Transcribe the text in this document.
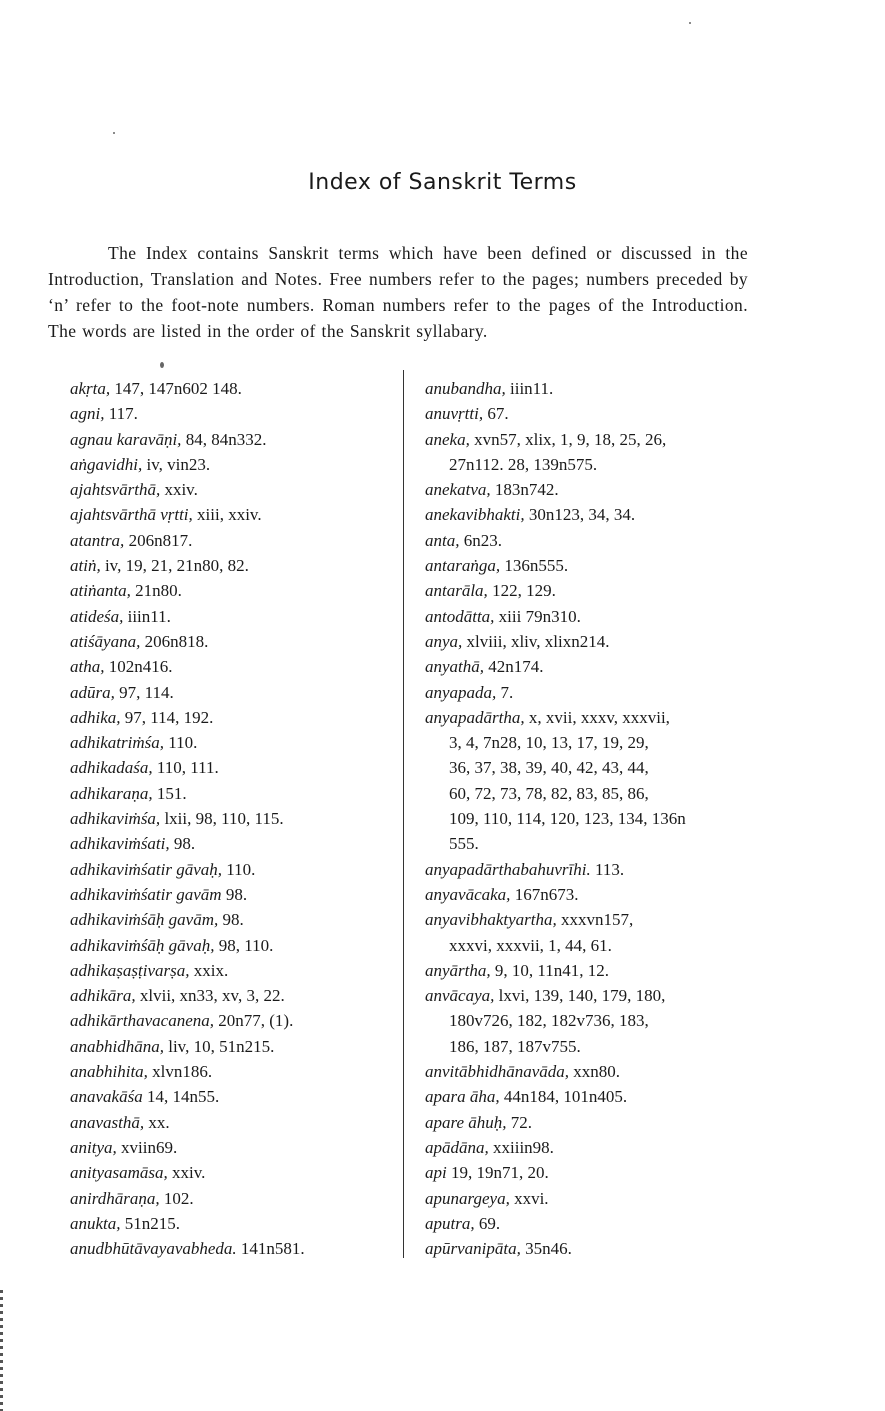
Index of Sanskrit Terms

The Index contains Sanskrit terms which have been defined or discussed in the Introduction, Translation and Notes. Free numbers refer to the pages; numbers preceded by ‘n’ refer to the foot-note numbers. Roman numbers refer to the pages of the Introduction. The words are listed in the order of the Sanskrit syllabary.

akṛta, 147, 147n602 148.
agni, 117.
agnau karavāṇi, 84, 84n332.
aṅgavidhi, iv, vin23.
ajahtsvārthā, xxiv.
ajahtsvārthā vṛtti, xiii, xxiv.
atantra, 206n817.
atiṅ, iv, 19, 21, 21n80, 82.
atiṅanta, 21n80.
atideśa, iiin11.
atiśāyana, 206n818.
atha, 102n416.
adūra, 97, 114.
adhika, 97, 114, 192.
adhikatriṁśa, 110.
adhikadaśa, 110, 111.
adhikaraṇa, 151.
adhikaviṁśa, lxii, 98, 110, 115.
adhikaviṁśati, 98.
adhikaviṁśatir gāvaḥ, 110.
adhikaviṁśatir gavām 98.
adhikaviṁśāḥ gavām, 98.
adhikaviṁśāḥ gāvaḥ, 98, 110.
adhikaṣaṣṭivarṣa, xxix.
adhikāra, xlvii, xn33, xv, 3, 22.
adhikārthavacanena, 20n77, (1).
anabhidhāna, liv, 10, 51n215.
anabhihita, xlvn186.
anavakāśa 14, 14n55.
anavasthā, xx.
anitya, xviin69.
anityasamāsa, xxiv.
anirdhāraṇa, 102.
anukta, 51n215.
anudbhūtāvayavabheda. 141n581.
anubandha, iiin11.
anuvṛtti, 67.
aneka, xvn57, xlix, 1, 9, 18, 25, 26,
27n112. 28, 139n575.
anekatva, 183n742.
anekavibhakti, 30n123, 34, 34.
anta, 6n23.
antaraṅga, 136n555.
antarāla, 122, 129.
antodātta, xiii 79n310.
anya, xlviii, xliv, xlixn214.
anyathā, 42n174.
anyapada, 7.
anyapadārtha, x, xvii, xxxv, xxxvii,
3, 4, 7n28, 10, 13, 17, 19, 29,
36, 37, 38, 39, 40, 42, 43, 44,
60, 72, 73, 78, 82, 83, 85, 86,
109, 110, 114, 120, 123, 134, 136n
555.
anyapadārthabahuvrīhi. 113.
anyavācaka, 167n673.
anyavibhaktyartha, xxxvn157,
xxxvi, xxxvii, 1, 44, 61.
anyārtha, 9, 10, 11n41, 12.
anvācaya, lxvi, 139, 140, 179, 180,
180v726, 182, 182v736, 183,
186, 187, 187v755.
anvitābhidhānavāda, xxn80.
apara āha, 44n184, 101n405.
apare āhuḥ, 72.
apādāna, xxiiin98.
api 19, 19n71, 20.
apunargeya, xxvi.
aputra, 69.
apūrvanipāta, 35n46.
